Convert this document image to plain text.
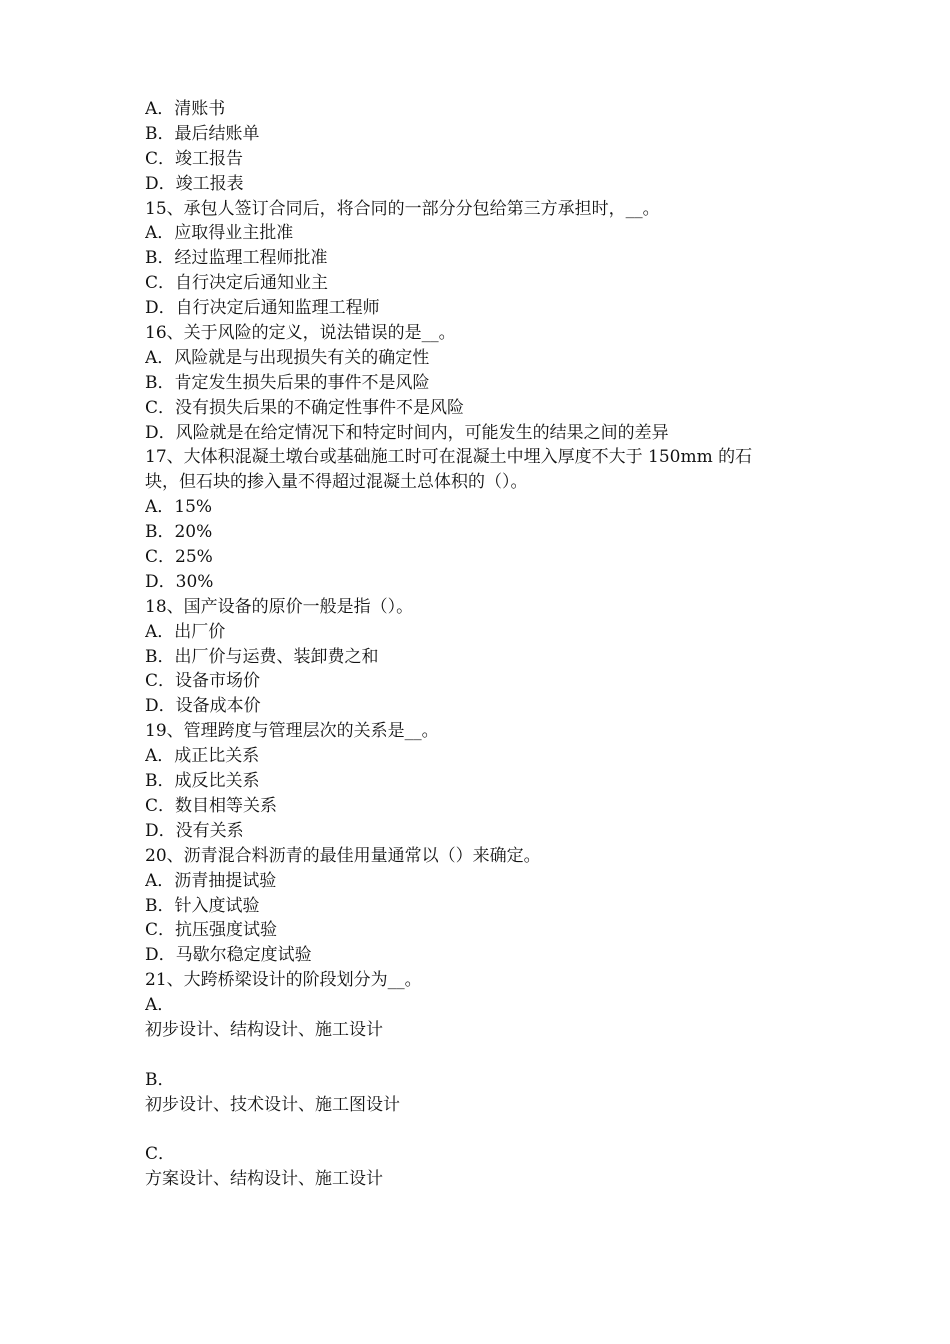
A．清账书
B．最后结账单
C．竣工报告
D．竣工报表
15、承包人签订合同后，将合同的一部分分包给第三方承担时，__。
A．应取得业主批准
B．经过监理工程师批准
C．自行决定后通知业主
D．自行决定后通知监理工程师
16、关于风险的定义，说法错误的是__。
A．风险就是与出现损失有关的确定性
B．肯定发生损失后果的事件不是风险
C．没有损失后果的不确定性事件不是风险
D．风险就是在给定情况下和特定时间内，可能发生的结果之间的差异
17、大体积混凝土墩台或基础施工时可在混凝土中埋入厚度不大于 150mm 的石
块，但石块的掺入量不得超过混凝土总体积的（）。
A．15%
B．20%
C．25%
D．30%
18、国产设备的原价一般是指（）。
A．出厂价
B．出厂价与运费、装卸费之和
C．设备市场价
D．设备成本价
19、管理跨度与管理层次的关系是__。
A．成正比关系
B．成反比关系
C．数目相等关系
D．没有关系
20、沥青混合料沥青的最佳用量通常以（）来确定。
A．沥青抽提试验
B．针入度试验
C．抗压强度试验
D．马歇尔稳定度试验
21、大跨桥梁设计的阶段划分为__。
A．
初步设计、结构设计、施工设计
B．
初步设计、技术设计、施工图设计
C．
方案设计、结构设计、施工设计
